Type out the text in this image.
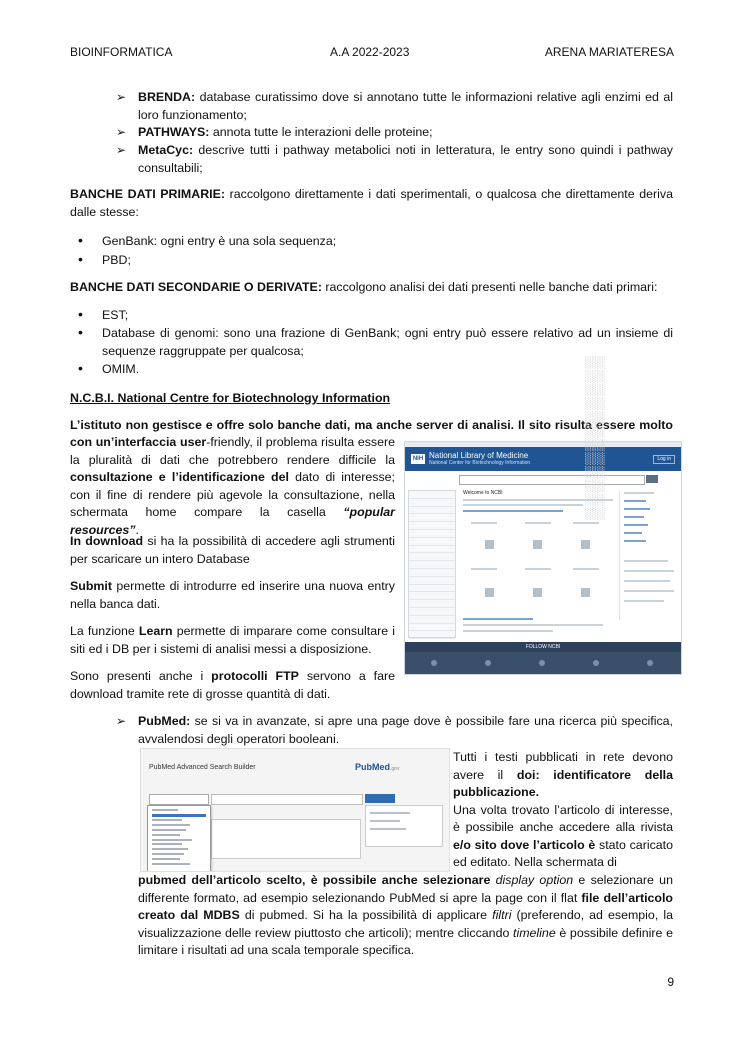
BIOINFORMATICA	A.A 2022-2023	ARENA MARIATERESA
➢ BRENDA: database curatissimo dove si annotano tutte le informazioni relative agli enzimi ed al loro funzionamento;
➢ PATHWAYS: annota tutte le interazioni delle proteine;
➢ MetaCyc: descrive tutti i pathway metabolici noti in letteratura, le entry sono quindi i pathway consultabili;
BANCHE DATI PRIMARIE: raccolgono direttamente i dati sperimentali, o qualcosa che direttamente deriva dalle stesse:
• GenBank: ogni entry è una sola sequenza;
• PBD;
BANCHE DATI SECONDARIE O DERIVATE: raccolgono analisi dei dati presenti nelle banche dati primari:
• EST;
• Database di genomi: sono una frazione di GenBank; ogni entry può essere relativo ad un insieme di sequenze raggruppate per qualcosa;
• OMIM.
N.C.B.I. National Centre for Biotechnology Information
L’istituto non gestisce e offre solo banche dati, ma anche server di analisi. Il sito risulta essere molto
con un’interfaccia user-friendly, il problema risulta essere la pluralità di dati che potrebbero rendere difficile la consultazione e l’identificazione del dato di interesse; con il fine di rendere più agevole la consultazione, nella schermata home compare la casella “popular resources”.
NIH National Library of Medicine
National Center for Biotechnology Information
Log in
Welcome to NCBI
FOLLOW NCBI
In download si ha la possibilità di accedere agli strumenti per scaricare un intero Database
Submit permette di introdurre ed inserire una nuova entry nella banca dati.
La funzione Learn permette di imparare come consultare i siti ed i DB per i sistemi di analisi messi a disposizione.
Sono presenti anche i protocolli FTP servono a fare download tramite rete di grosse quantità di dati.
➢ PubMed: se si va in avanzate, si apre una page dove è possibile fare una ricerca più specifica, avvalendosi degli operatori booleani.
PubMed Advanced Search Builder	PubMed.gov
Tutti i testi pubblicati in rete devono avere il doi: identificatore della pubblicazione.
Una volta trovato l’articolo di interesse, è possibile anche accedere alla rivista e/o sito dove l’articolo è stato caricato ed editato. Nella schermata di
pubmed dell’articolo scelto, è possibile anche selezionare display option e selezionare un differente formato, ad esempio selezionando PubMed si apre la page con il flat file dell’articolo creato dal MDBS di pubmed. Si ha la possibilità di applicare filtri (preferendo, ad esempio, la visualizzazione delle review piuttosto che articoli); mentre cliccando timeline è possibile definire e limitare i risultati ad una scala temporale specifica.
▒▒▒▒▒▒▒▒▒▒▒▒
9
